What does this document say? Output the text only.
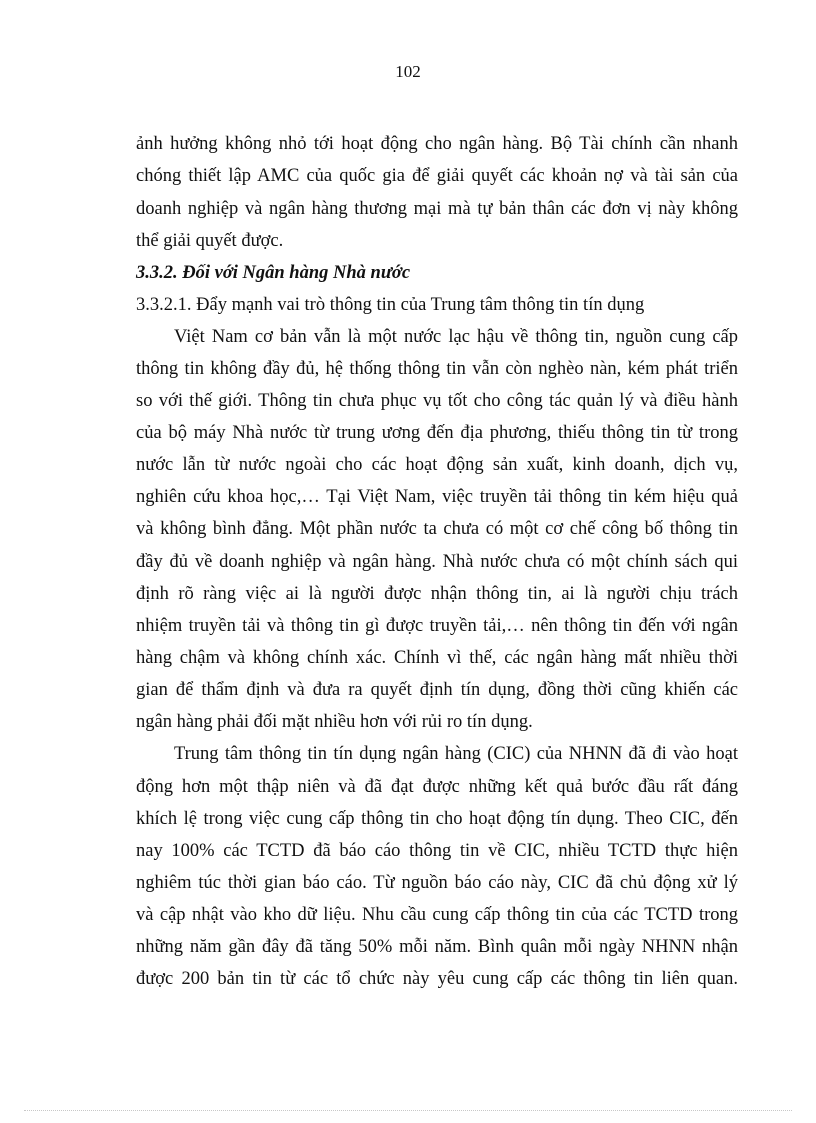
102
ảnh hưởng không nhỏ tới hoạt động cho ngân hàng. Bộ Tài chính cần nhanh
chóng thiết lập AMC của quốc gia để giải quyết các khoản nợ và tài sản của
doanh nghiệp và ngân hàng thương mại mà tự bản thân các đơn vị này không
thể giải quyết được.
3.3.2. Đối với Ngân hàng Nhà nước
3.3.2.1. Đẩy mạnh vai trò thông tin của Trung tâm thông tin tín dụng
Việt Nam cơ bản vẫn là một nước lạc hậu về thông tin, nguồn cung cấp
thông tin không đầy đủ, hệ thống thông tin vẫn còn nghèo nàn, kém phát triển
so với thế giới. Thông tin chưa phục vụ tốt cho công tác quản lý và điều hành
của bộ máy Nhà nước từ trung ương đến địa phương, thiếu thông tin từ trong
nước lẫn từ nước ngoài cho các hoạt động sản xuất, kinh doanh, dịch vụ,
nghiên cứu khoa học,… Tại Việt Nam, việc truyền tải thông tin kém hiệu quả
và không bình đẳng. Một phần nước ta chưa có một cơ chế công bố thông tin
đầy đủ về doanh nghiệp và ngân hàng. Nhà nước chưa có một chính sách qui
định rõ ràng việc ai là người được nhận thông tin, ai là người chịu trách
nhiệm truyền tải và thông tin gì được truyền tải,… nên thông tin đến với ngân
hàng chậm và không chính xác. Chính vì thế, các ngân hàng mất nhiều thời
gian để thẩm định và đưa ra quyết định tín dụng, đồng thời cũng khiến các
ngân hàng phải đối mặt nhiều hơn với rủi ro tín dụng.
Trung tâm thông tin tín dụng ngân hàng (CIC) của NHNN đã đi vào hoạt
động hơn một thập niên và đã đạt được những kết quả bước đầu rất đáng
khích lệ trong việc cung cấp thông tin cho hoạt động tín dụng. Theo CIC, đến
nay 100% các TCTD đã báo cáo thông tin về CIC, nhiều TCTD thực hiện
nghiêm túc thời gian báo cáo. Từ nguồn báo cáo này, CIC đã chủ động xử lý
và cập nhật vào kho dữ liệu. Nhu cầu cung cấp thông tin của các TCTD trong
những năm gần đây đã tăng 50% mỗi năm. Bình quân mỗi ngày NHNN nhận
được 200 bản tin từ các tổ chức này yêu cung cấp các thông tin liên quan.
